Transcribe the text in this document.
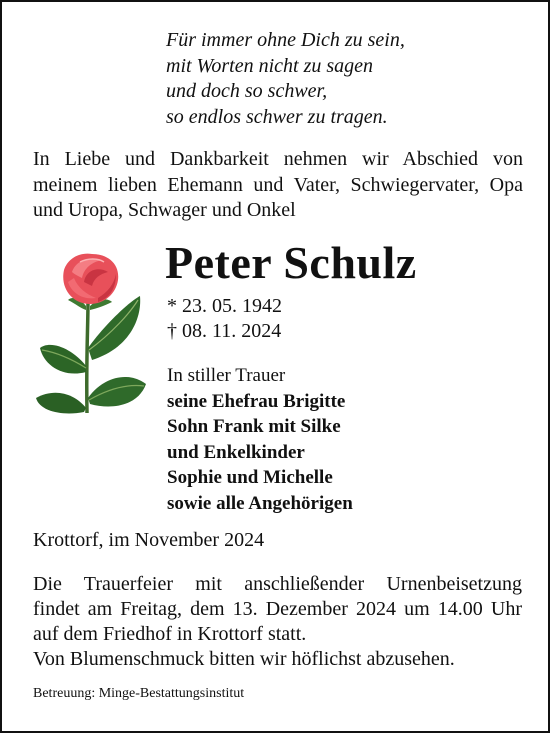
Für immer ohne Dich zu sein,
mit Worten nicht zu sagen
und doch so schwer,
so endlos schwer zu tragen.
In Liebe und Dankbarkeit nehmen wir Abschied von
meinem lieben Ehemann und Vater, Schwiegervater, Opa
und Uropa, Schwager und Onkel
Peter Schulz
* 23. 05. 1942
† 08. 11. 2024
In stiller Trauer
seine Ehefrau Brigitte
Sohn Frank mit Silke
und Enkelkinder
Sophie und Michelle
sowie alle Angehörigen
Krottorf, im November 2024
Die Trauerfeier mit anschließender Urnenbeisetzung
findet am Freitag, dem 13. Dezember 2024 um 14.00 Uhr
auf dem Friedhof in Krottorf statt.
Von Blumenschmuck bitten wir höflichst abzusehen.
Betreuung: Minge-Bestattungsinstitut
